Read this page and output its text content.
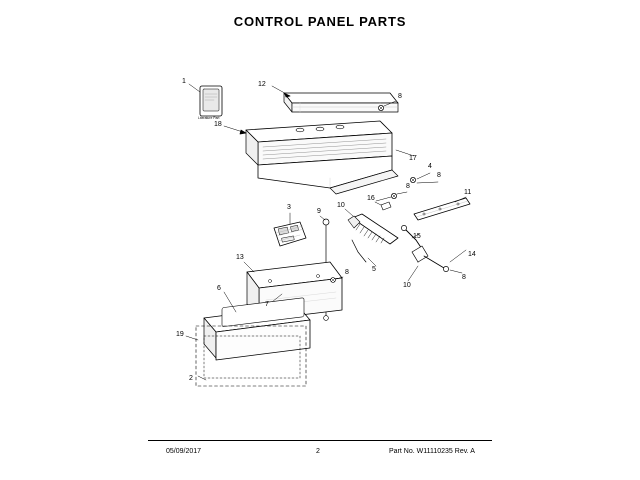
CONTROL PANEL PARTS
Literature Part
1	12
8
18
17
4
8
8
11
16
3
9
10
15
14
13
5
8
8
10
6
7
19
2
05/09/2017	2	Part No. W11110235 Rev. A
